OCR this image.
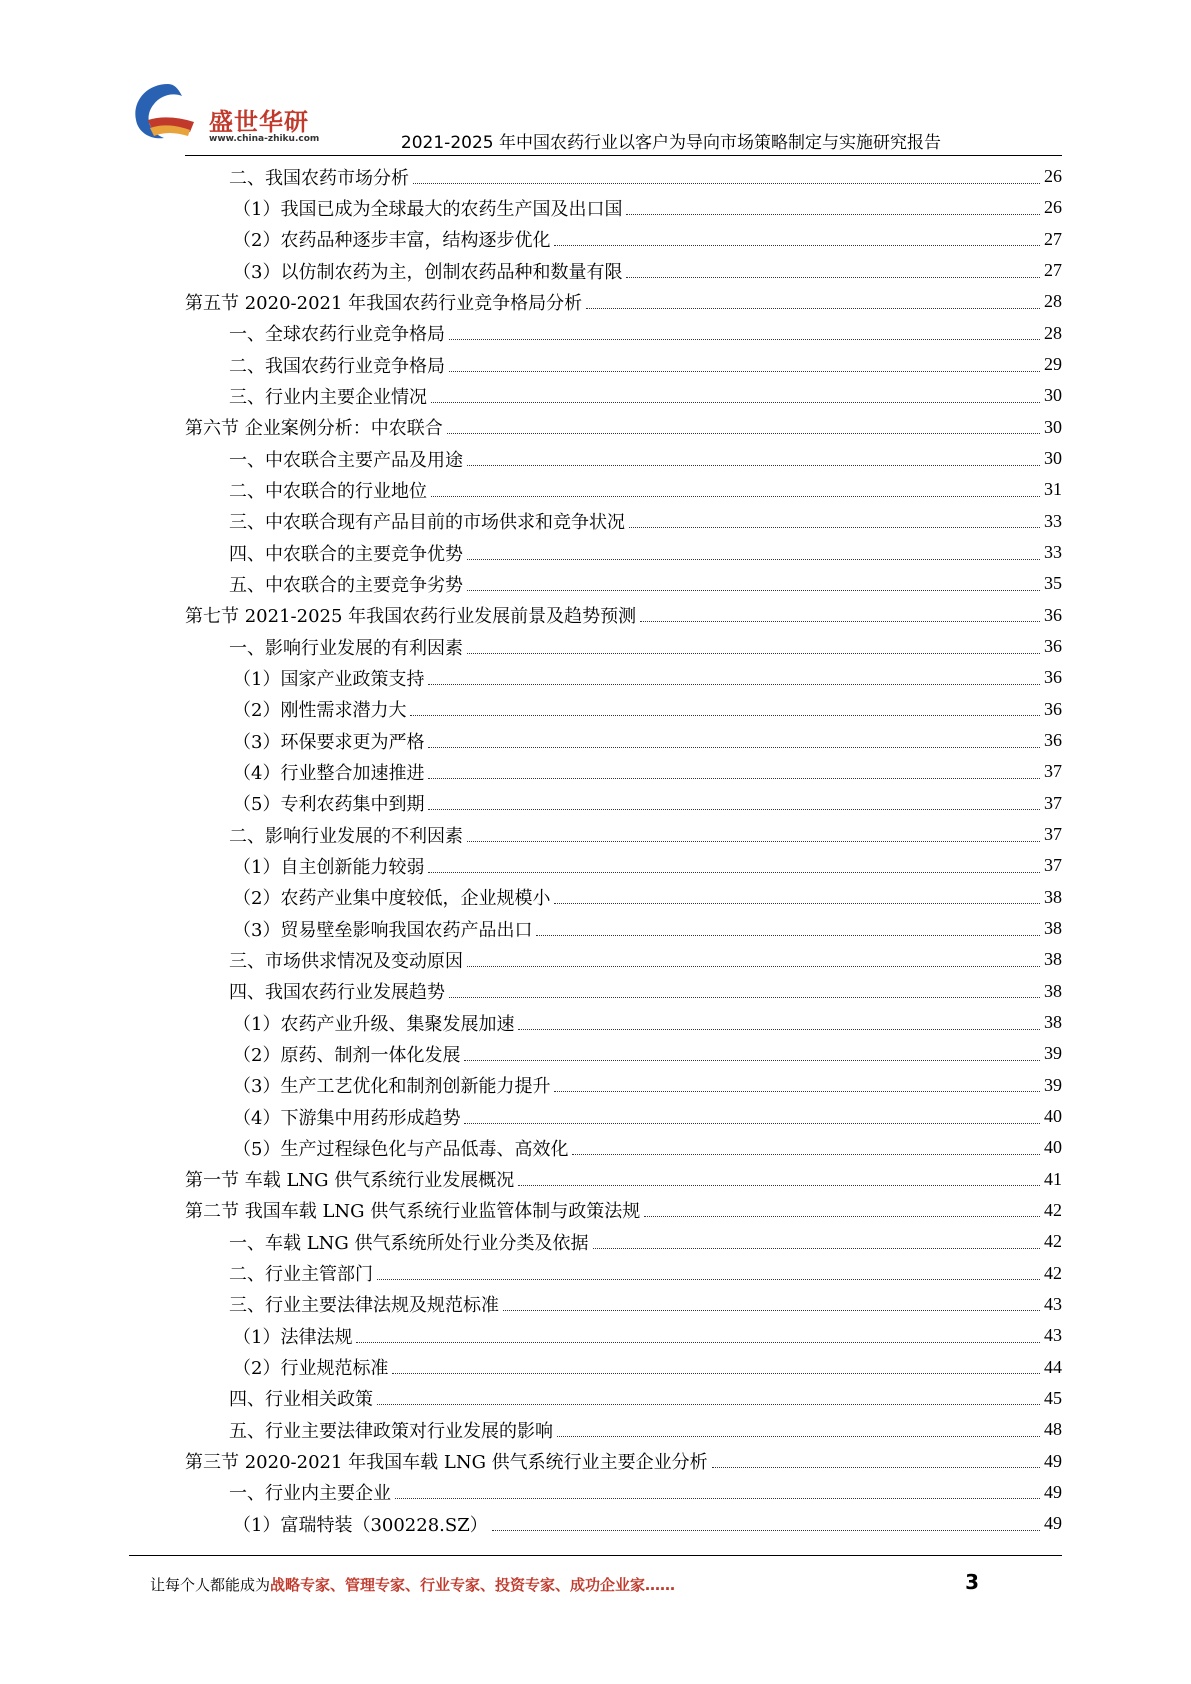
盛世华研
www.china-zhiku.com	2021-2025 年中国农药行业以客户为导向市场策略制定与实施研究报告
二、我国农药市场分析	26
（1）我国已成为全球最大的农药生产国及出口国	26
（2）农药品种逐步丰富，结构逐步优化	27
（3）以仿制农药为主，创制农药品种和数量有限	27
第五节 2020-2021 年我国农药行业竞争格局分析	28
一、全球农药行业竞争格局	28
二、我国农药行业竞争格局	29
三、行业内主要企业情况	30
第六节 企业案例分析：中农联合	30
一、中农联合主要产品及用途	30
二、中农联合的行业地位	31
三、中农联合现有产品目前的市场供求和竞争状况	33
四、中农联合的主要竞争优势	33
五、中农联合的主要竞争劣势	35
第七节 2021-2025 年我国农药行业发展前景及趋势预测	36
一、影响行业发展的有利因素	36
（1）国家产业政策支持	36
（2）刚性需求潜力大	36
（3）环保要求更为严格	36
（4）行业整合加速推进	37
（5）专利农药集中到期	37
二、影响行业发展的不利因素	37
（1）自主创新能力较弱	37
（2）农药产业集中度较低，企业规模小	38
（3）贸易壁垒影响我国农药产品出口	38
三、市场供求情况及变动原因	38
四、我国农药行业发展趋势	38
（1）农药产业升级、集聚发展加速	38
（2）原药、制剂一体化发展	39
（3）生产工艺优化和制剂创新能力提升	39
（4）下游集中用药形成趋势	40
（5）生产过程绿色化与产品低毒、高效化	40
第一节 车载 LNG 供气系统行业发展概况	41
第二节 我国车载 LNG 供气系统行业监管体制与政策法规	42
一、车载 LNG 供气系统所处行业分类及依据	42
二、行业主管部门	42
三、行业主要法律法规及规范标准	43
（1）法律法规	43
（2）行业规范标准	44
四、行业相关政策	45
五、行业主要法律政策对行业发展的影响	48
第三节 2020-2021 年我国车载 LNG 供气系统行业主要企业分析	49
一、行业内主要企业	49
（1）富瑞特装（300228.SZ）	49
让每个人都能成为战略专家、管理专家、行业专家、投资专家、成功企业家……	3
